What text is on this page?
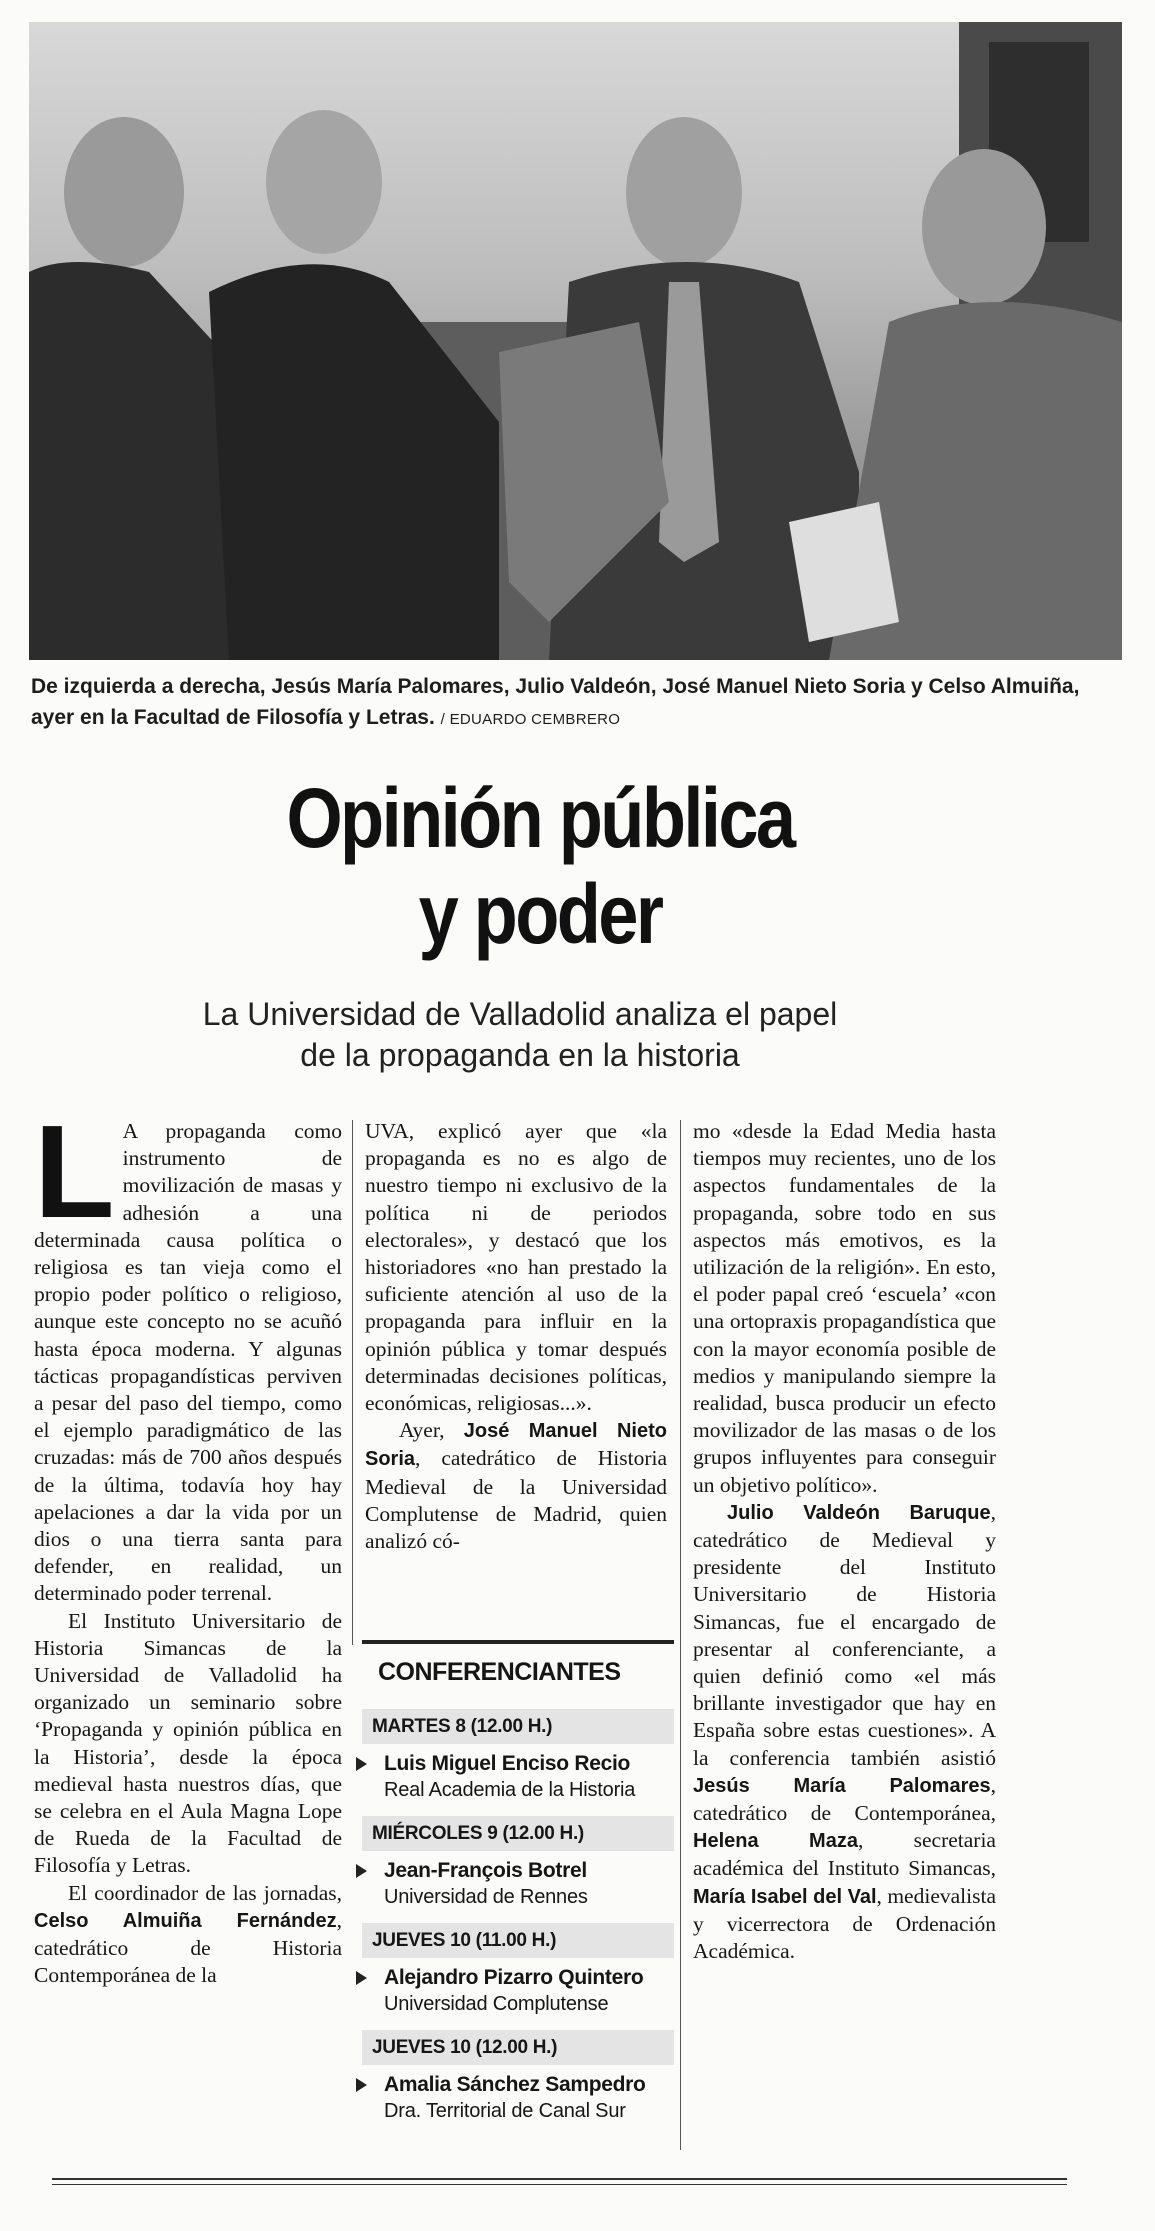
De izquierda a derecha, Jesús María Palomares, Julio Valdeón, José Manuel Nieto Soria y Celso Almuiña, ayer en la Facultad de Filosofía y Letras. / EDUARDO CEMBRERO
Opinión pública
y poder
La Universidad de Valladolid analiza el papel
de la propaganda en la historia

L A propaganda como instrumento de movilización de masas y adhesión a una determinada causa política o religiosa es tan vieja como el propio poder político o religioso, aunque este concepto no se acuñó hasta época moderna. Y algunas tácticas propagandísticas perviven a pesar del paso del tiempo, como el ejemplo paradigmático de las cruzadas: más de 700 años después de la última, todavía hoy hay apelaciones a dar la vida por un dios o una tierra santa para defender, en realidad, un determinado poder terrenal.

El Instituto Universitario de Historia Simancas de la Universidad de Valladolid ha organizado un seminario sobre ‘Propaganda y opinión pública en la Historia’, desde la época medieval hasta nuestros días, que se celebra en el Aula Magna Lope de Rueda de la Facultad de Filosofía y Letras.

El coordinador de las jornadas, Celso Almuiña Fernández, catedrático de Historia Contemporánea de la

UVA, explicó ayer que «la propaganda es no es algo de nuestro tiempo ni exclusivo de la política ni de periodos electorales», y destacó que los historiadores «no han prestado la suficiente atención al uso de la propaganda para influir en la opinión pública y tomar después determinadas decisiones políticas, económicas, religiosas...».

Ayer, José Manuel Nieto Soria, catedrático de Historia Medieval de la Universidad Complutense de Madrid, quien analizó có-

CONFERENCIANTES
MARTES 8 (12.00 H.)
Luis Miguel Enciso Recio
Real Academia de la Historia
MIÉRCOLES 9 (12.00 H.)
Jean-François Botrel
Universidad de Rennes
JUEVES 10 (11.00 H.)
Alejandro Pizarro Quintero
Universidad Complutense
JUEVES 10 (12.00 H.)
Amalia Sánchez Sampedro
Dra. Territorial de Canal Sur

mo «desde la Edad Media hasta tiempos muy recientes, uno de los aspectos fundamentales de la propaganda, sobre todo en sus aspectos más emotivos, es la utilización de la religión». En esto, el poder papal creó ‘escuela’ «con una ortopraxis propagandística que con la mayor economía posible de medios y manipulando siempre la realidad, busca producir un efecto movilizador de las masas o de los grupos influyentes para conseguir un objetivo político».

Julio Valdeón Baruque, catedrático de Medieval y presidente del Instituto Universitario de Historia Simancas, fue el encargado de presentar al conferenciante, a quien definió como «el más brillante investigador que hay en España sobre estas cuestiones». A la conferencia también asistió Jesús María Palomares, catedrático de Contemporánea, Helena Maza, secretaria académica del Instituto Simancas, María Isabel del Val, medievalista y vicerrectora de Ordenación Académica.
